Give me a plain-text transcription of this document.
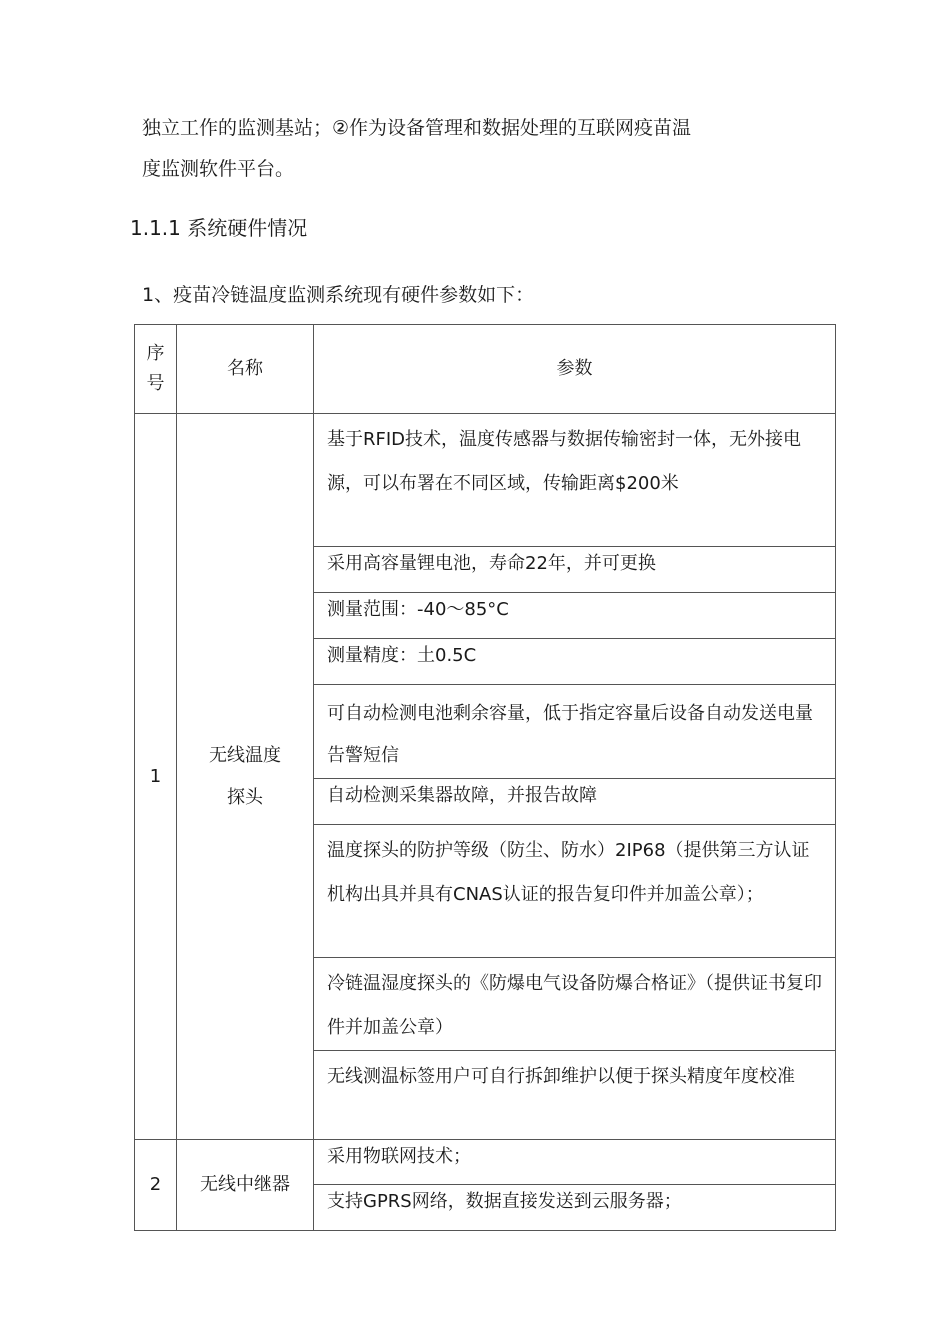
独立工作的监测基站；②作为设备管理和数据处理的互联网疫苗温
度监测软件平台。
1.1.1 系统硬件情况
1、疫苗冷链温度监测系统现有硬件参数如下：
序号	名称	参数
1	无线温度探头	基于RFID技术，温度传感器与数据传输密封一体，无外接电源，可以布署在不同区域，传输距离$200米
		采用高容量锂电池，寿命22年，并可更换
		测量范围：-40〜85°C
		测量精度：土0.5C
		可自动检测电池剩余容量，低于指定容量后设备自动发送电量告警短信
		自动检测采集器故障，并报告故障
		温度探头的防护等级（防尘、防水）2IP68（提供第三方认证机构出具并具有CNAS认证的报告复印件并加盖公章）；
		冷链温湿度探头的《防爆电气设备防爆合格证》（提供证书复印件并加盖公章）
		无线测温标签用户可自行拆卸维护以便于探头精度年度校准
2	无线中继器	采用物联网技术；
		支持GPRS网络，数据直接发送到云服务器；
